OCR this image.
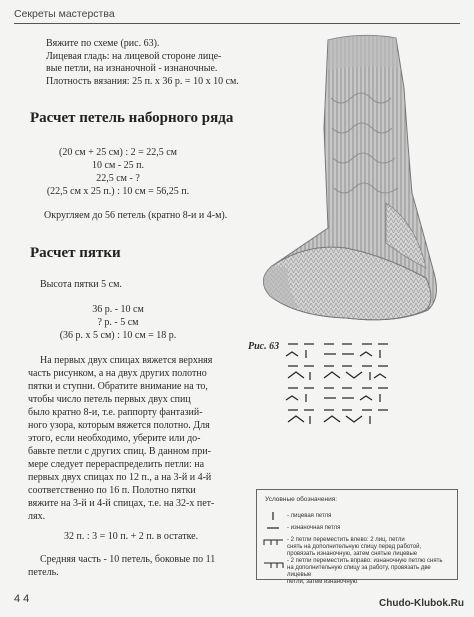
Секреты мастерства
Вяжите по схеме (рис. 63).
Лицевая гладь: на лицевой стороне лице-
вые петли, на изнаночной - изнаночные.
Плотность вязания: 25 п. х 36 р. = 10 х 10 см.
Расчет петель наборного ряда
(20 см + 25 см) : 2 = 22,5 см
10 см - 25 п.
22,5 см - ?
(22,5 см х 25 п.) : 10 см = 56,25 п.
Округляем до 56 петель (кратно 8-и и 4-м).
Расчет пятки
Высота пятки 5 см.
36 р. - 10 см
? р. - 5 см
(36 р. х 5 см) : 10 см = 18 р.
На первых двух спицах вяжется верхняя
часть рисунком, а на двух других полотно
пятки и ступни. Обратите внимание на то,
чтобы число петель первых двух спиц
было кратно 8-и, т.е. раппорту фантазий-
ного узора, которым вяжется полотно. Для
этого, если необходимо, уберите или до-
бавьте петли с других спиц. В данном при-
мере следует перераспределить петли: на
первых двух спицах по 12 п., а на 3-й и 4-й
соответственно по 16 п. Полотно пятки
вяжите на 3-й и 4-й спицах, т.е. на 32-х пет-
лях.
32 п. : 3 = 10 п. + 2 п. в остатке.
Средняя часть - 10 петель, боковые по 11
петель.
Рис. 63
Условные обозначения:
- лицевая петля
- изнаночная петля
- 2 петли переместить влево: 2 лиц. петли
снять на дополнительную спицу перед работой,
провязать изнаночную, затем снятые лицевые
- 2 петли переместить вправо: изнаночную петлю снять
на дополнительную спицу за работу, провязать две лицевые
петли, затем изнаночную
4 4	Chudo-Klubok.Ru
